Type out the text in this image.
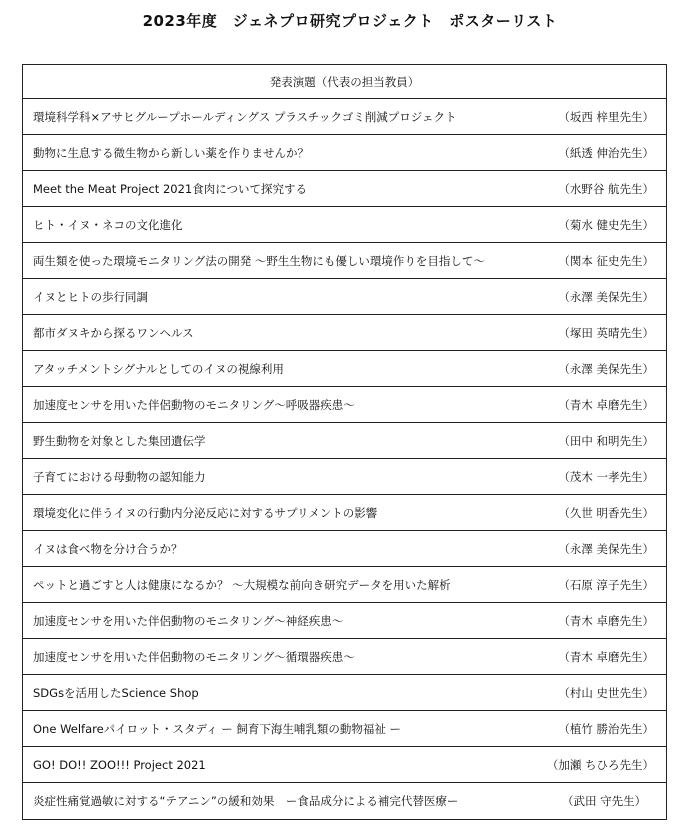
2023年度　ジェネプロ研究プロジェクト　ポスターリスト
発表演題（代表の担当教員）
環境科学科×アサヒグループホールディングス プラスチックゴミ削減プロジェクト	（坂西 梓里先生）
動物に生息する微生物から新しい薬を作りませんか？	（紙透 伸治先生）
Meet the Meat Project 2021食肉について探究する	（水野谷 航先生）
ヒト・イヌ・ネコの文化進化	（菊水 健史先生）
両生類を使った環境モニタリング法の開発 ～野生生物にも優しい環境作りを目指して～	（関本 征史先生）
イヌとヒトの歩行同調	（永澤 美保先生）
都市ダヌキから探るワンヘルス	（塚田 英晴先生）
アタッチメントシグナルとしてのイヌの視線利用	（永澤 美保先生）
加速度センサを用いた伴侶動物のモニタリング～呼吸器疾患～	（青木 卓磨先生）
野生動物を対象とした集団遺伝学	（田中 和明先生）
子育てにおける母動物の認知能力	（茂木 一孝先生）
環境変化に伴うイヌの行動内分泌反応に対するサプリメントの影響	（久世 明香先生）
イヌは食べ物を分け合うか？	（永澤 美保先生）
ペットと過ごすと人は健康になるか？ ～大規模な前向き研究データを用いた解析	（石原 淳子先生）
加速度センサを用いた伴侶動物のモニタリング～神経疾患～	（青木 卓磨先生）
加速度センサを用いた伴侶動物のモニタリング～循環器疾患～	（青木 卓磨先生）
SDGsを活用したScience Shop	（村山 史世先生）
One Welfareパイロット・スタディ ー 飼育下海生哺乳類の動物福祉 ー	（植竹 勝治先生）
GO! DO!! ZOO!!! Project 2021	（加瀬 ちひろ先生）
炎症性痛覚過敏に対する“テアニン”の緩和効果　ー食品成分による補完代替医療ー	（武田 守先生）
